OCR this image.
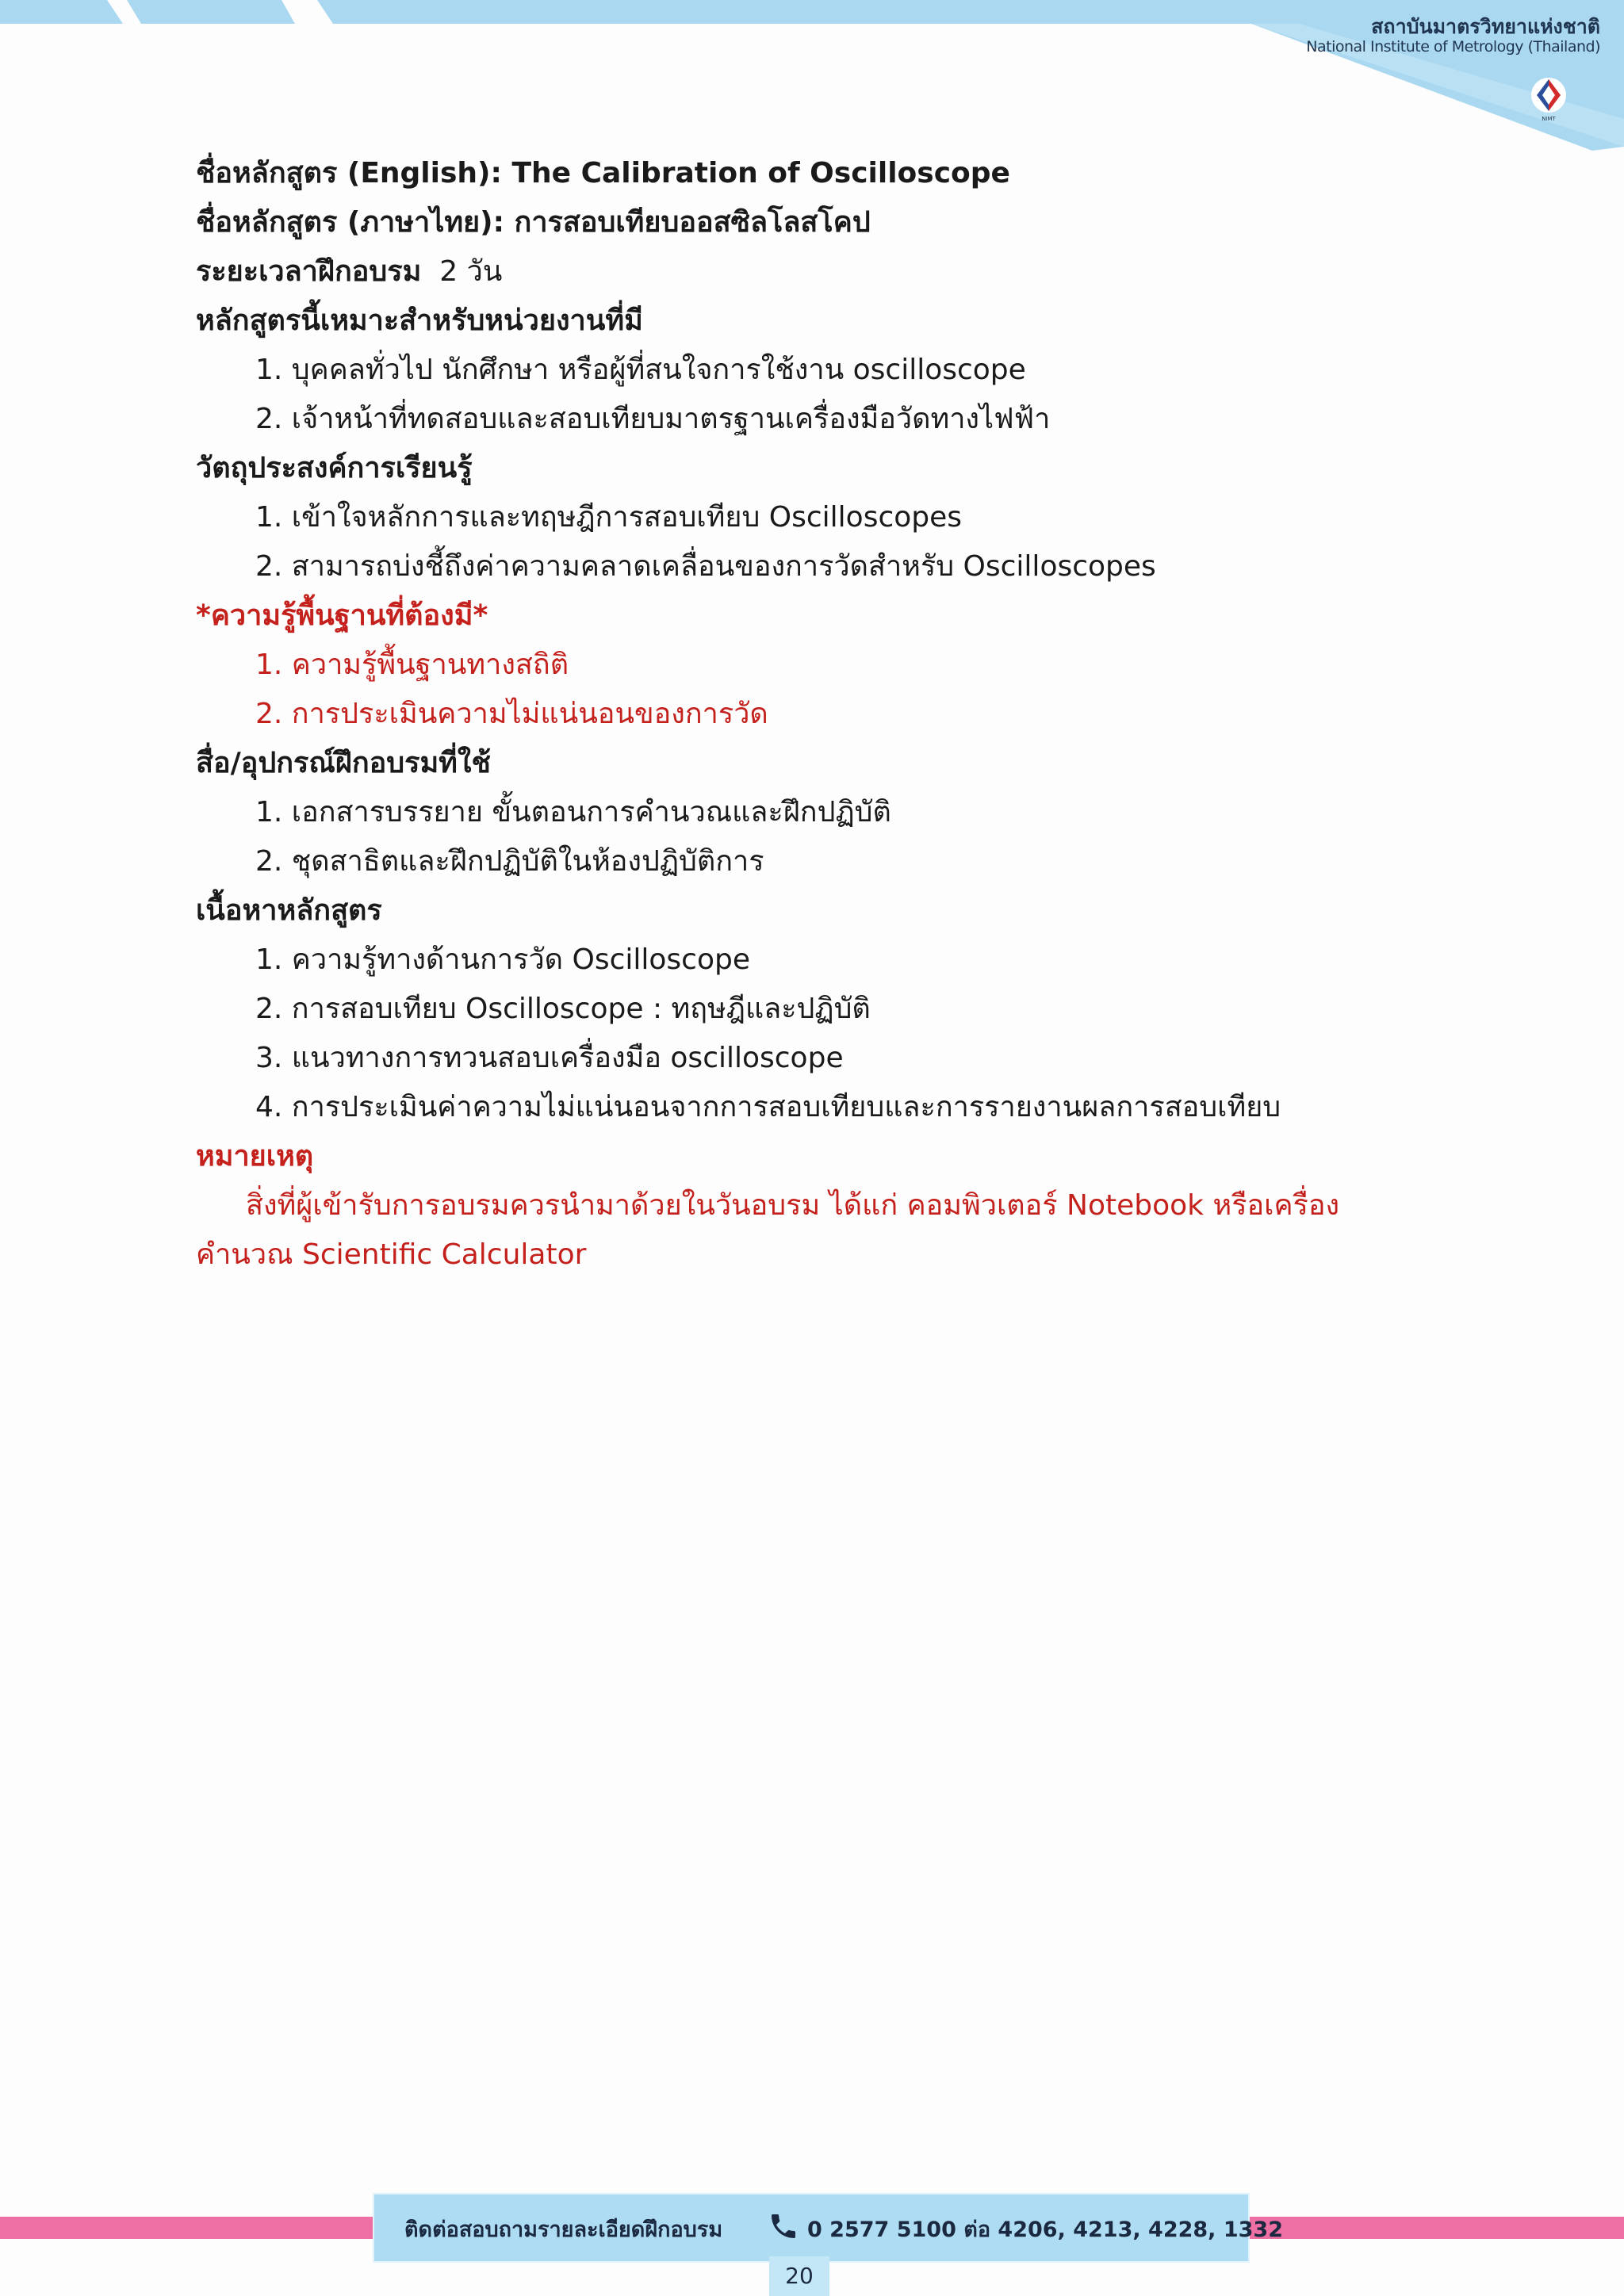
สถาบันมาตรวิทยาแห่งชาติ
National Institute of Metrology (Thailand)
NIMT
ชื่อหลักสูตร (English): The Calibration of Oscilloscope
ชื่อหลักสูตร (ภาษาไทย): การสอบเทียบออสซิลโลสโคป
ระยะเวลาฝึกอบรม 2 วัน
หลักสูตรนี้เหมาะสำหรับหน่วยงานที่มี
1. บุคคลทั่วไป นักศึกษา หรือผู้ที่สนใจการใช้งาน oscilloscope
2. เจ้าหน้าที่ทดสอบและสอบเทียบมาตรฐานเครื่องมือวัดทางไฟฟ้า
วัตถุประสงค์การเรียนรู้
1. เข้าใจหลักการและทฤษฎีการสอบเทียบ Oscilloscopes
2. สามารถบ่งชี้ถึงค่าความคลาดเคลื่อนของการวัดสำหรับ Oscilloscopes
*ความรู้พื้นฐานที่ต้องมี*
1. ความรู้พื้นฐานทางสถิติ
2. การประเมินความไม่แน่นอนของการวัด
สื่อ/อุปกรณ์ฝึกอบรมที่ใช้
1. เอกสารบรรยาย ขั้นตอนการคำนวณและฝึกปฏิบัติ
2. ชุดสาธิตและฝึกปฏิบัติในห้องปฏิบัติการ
เนื้อหาหลักสูตร
1. ความรู้ทางด้านการวัด Oscilloscope
2. การสอบเทียบ Oscilloscope : ทฤษฎีและปฏิบัติ
3. แนวทางการทวนสอบเครื่องมือ oscilloscope
4. การประเมินค่าความไม่แน่นอนจากการสอบเทียบและการรายงานผลการสอบเทียบ
หมายเหตุ
สิ่งที่ผู้เข้ารับการอบรมควรนำมาด้วยในวันอบรม ได้แก่ คอมพิวเตอร์ Notebook หรือเครื่องคำนวณ Scientific Calculator
ติดต่อสอบถามรายละเอียดฝึกอบรม	0 2577 5100 ต่อ 4206, 4213, 4228, 1332
20
